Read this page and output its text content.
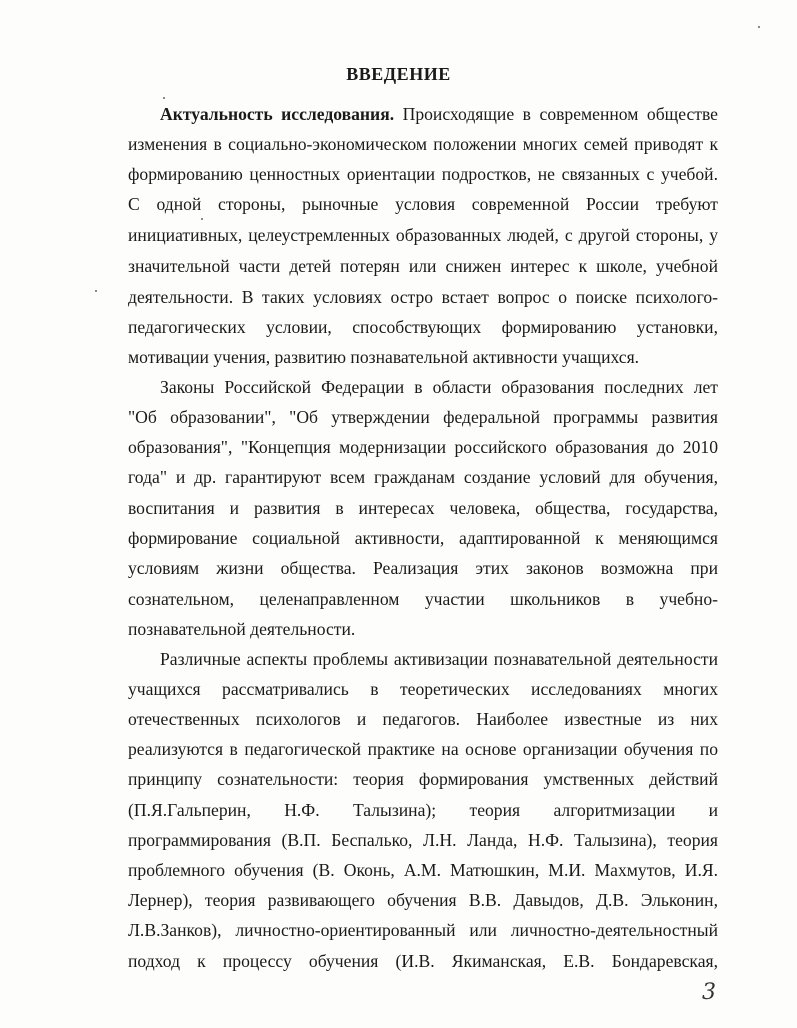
ВВЕДЕНИЕ
Актуальность исследования. Происходящие в современном обществе
изменения в социально-экономическом положении многих семей приводят к
формированию ценностных ориентации подростков, не связанных с учебой.
С одной стороны, рыночные условия современной России требуют
инициативных, целеустремленных образованных людей, с другой стороны, у
значительной части детей потерян или снижен интерес к школе, учебной
деятельности. В таких условиях остро встает вопрос о поиске психолого-
педагогических условии, способствующих формированию установки,
мотивации учения, развитию познавательной активности учащихся.
Законы Российской Федерации в области образования последних лет
"Об образовании", "Об утверждении федеральной программы развития
образования", "Концепция модернизации российского образования до 2010
года" и др. гарантируют всем гражданам создание условий для обучения,
воспитания и развития в интересах человека, общества, государства,
формирование социальной активности, адаптированной к меняющимся
условиям жизни общества. Реализация этих законов возможна при
сознательном, целенаправленном участии школьников в учебно-
познавательной деятельности.
Различные аспекты проблемы активизации познавательной деятельности
учащихся рассматривались в теоретических исследованиях многих
отечественных психологов и педагогов. Наиболее известные из них
реализуются в педагогической практике на основе организации обучения по
принципу сознательности: теория формирования умственных действий
(П.Я.Гальперин, Н.Ф. Талызина); теория алгоритмизации и
программирования (В.П. Беспалько, Л.Н. Ланда, Н.Ф. Талызина), теория
проблемного обучения (В. Оконь, А.М. Матюшкин, М.И. Махмутов, И.Я.
Лернер), теория развивающего обучения В.В. Давыдов, Д.В. Эльконин,
Л.В.Занков), личностно-ориентированный или личностно-деятельностный
подход к процессу обучения (И.В. Якиманская, Е.В. Бондаревская,
3
